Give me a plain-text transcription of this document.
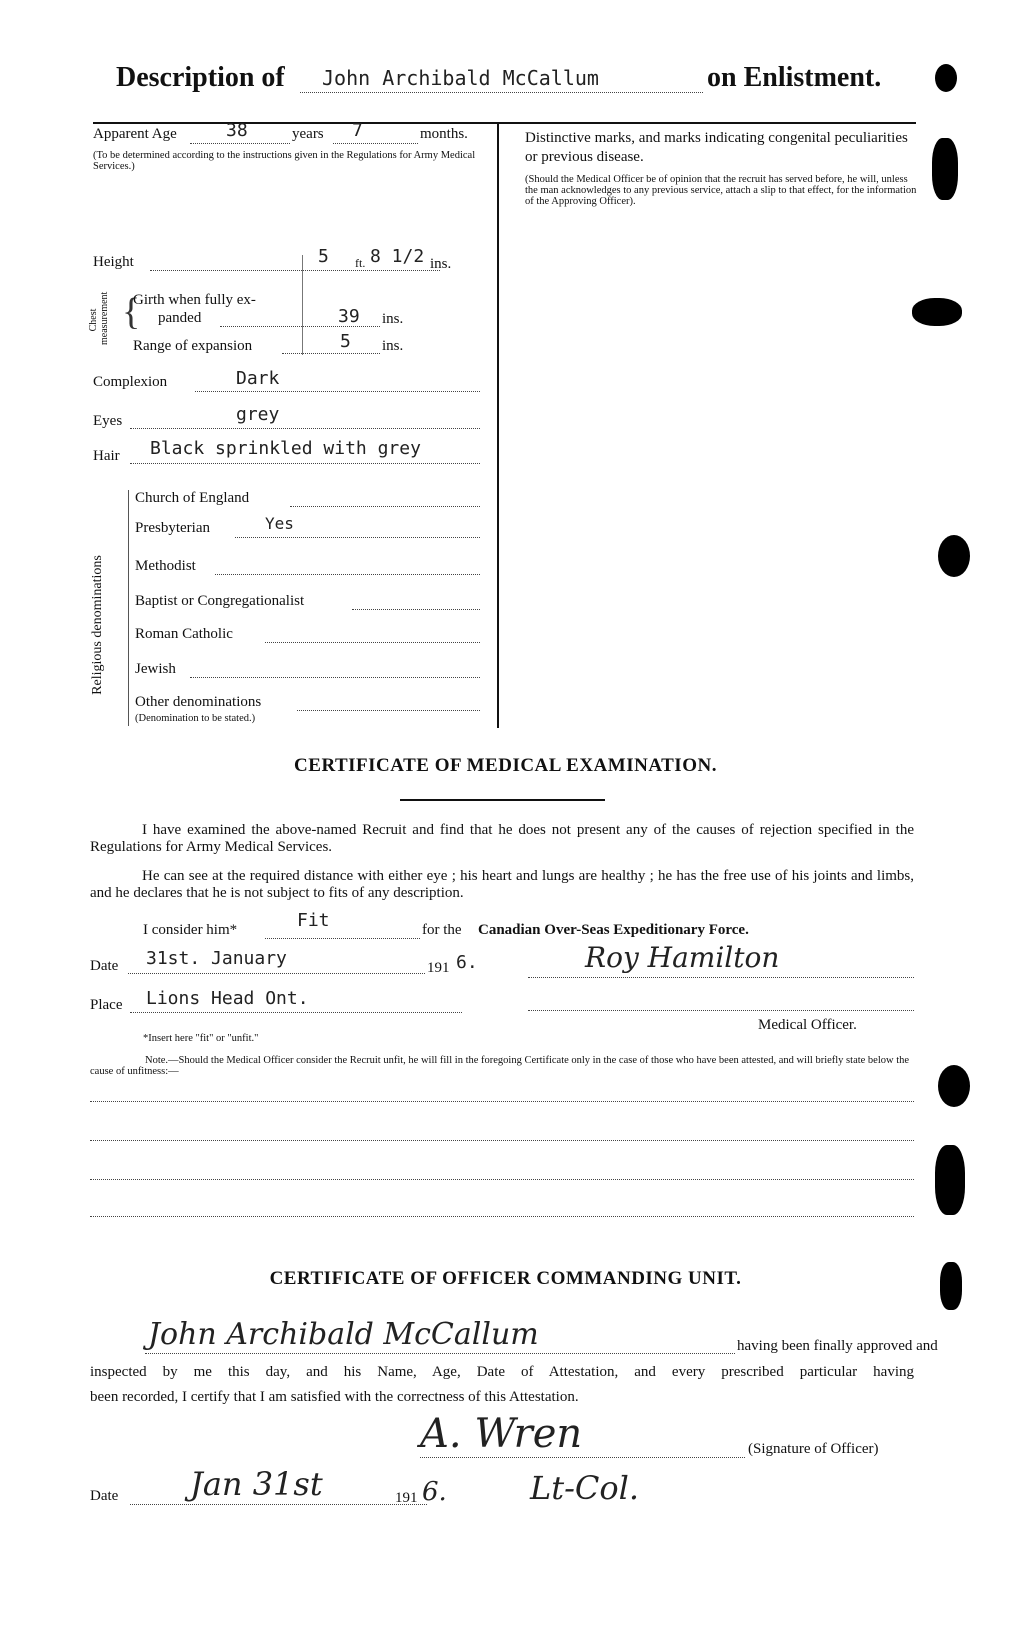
Description of John Archibald McCallum	on Enlistment.
Apparent Age	38	years 7	months.
(To be determined according to the instructions given in the Regulations for Army Medical Services.)
Height	5 ft. 8 1/2 ins.
Chest measurement {
Girth when fully ex-
panded	39 ins.
Range of expansion	5 ins.
Complexion	Dark
Eyes	grey
Hair Black sprinkled with grey
Religious denominations
Church of England
Presbyterian	Yes
Methodist
Baptist or Congregationalist
Roman Catholic
Jewish
Other denominations
(Denomination to be stated.)
Distinctive marks, and marks indicating congenital peculiarities or previous disease.
(Should the Medical Officer be of opinion that the recruit has served before, he will, unless the man acknowledges to any previous service, attach a slip to that effect, for the information of the Approving Officer).
CERTIFICATE OF MEDICAL EXAMINATION.
I have examined the above-named Recruit and find that he does not present any of the causes of rejection specified in the Regulations for Army Medical Services.
He can see at the required distance with either eye ; his heart and lungs are healthy ; he has the free use of his joints and limbs, and he declares that he is not subject to fits of any description.
I consider him*	Fit	for the Canadian Over-Seas Expeditionary Force.
Date 31st. January	191 6.	Roy Hamilton
Place Lions Head Ont.
Medical Officer.
*Insert here "fit" or "unfit."
Note.—Should the Medical Officer consider the Recruit unfit, he will fill in the foregoing Certificate only in the case of those who have been attested, and will briefly state below the cause of unfitness:—
CERTIFICATE OF OFFICER COMMANDING UNIT.
John Archibald McCallum	having been finally approved and
inspected by me this day, and his Name, Age, Date of Attestation, and every prescribed particular having
been recorded, I certify that I am satisfied with the correctness of this Attestation.
A. Wren	(Signature of Officer)
Date Jan 31st	191 6.	Lt-Col.
